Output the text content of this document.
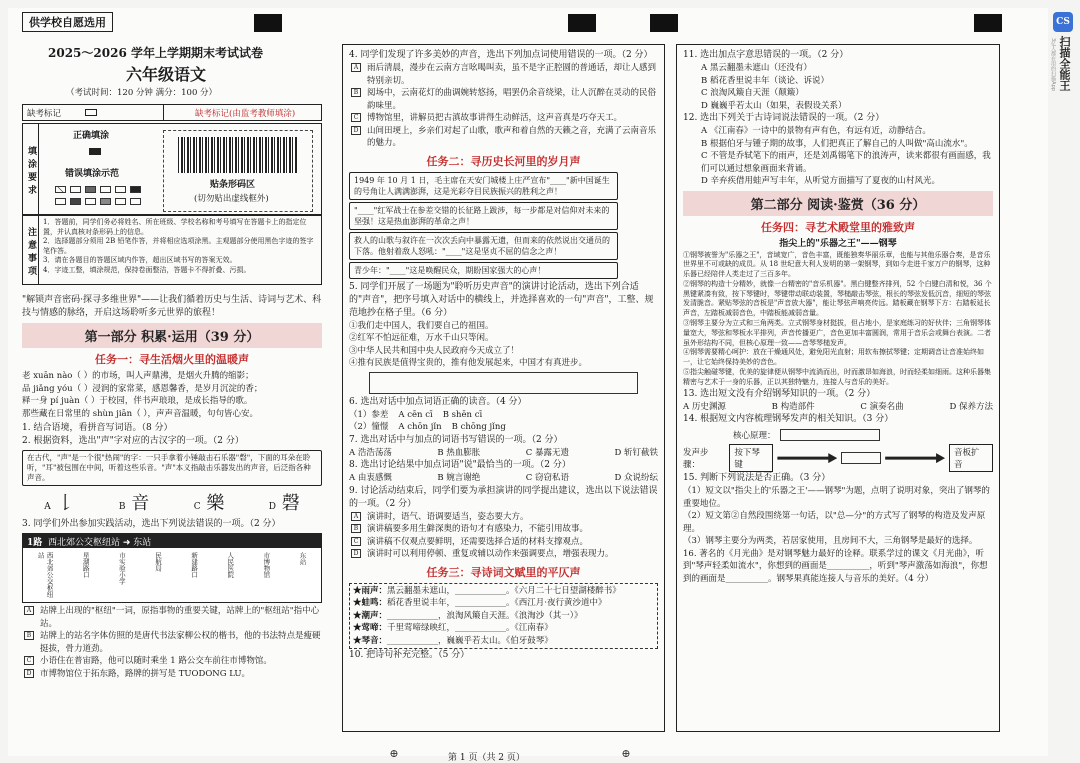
供学校自愿选用
2025～2026 学年上学期期末考试试卷
六年级语文
（考试时间：120 分钟 满分：100 分）
缺考标记	缺考标记(由监考教师填涂)
填涂要求
正确填涂
错误填涂示范
贴条形码区
(切勿贴出虚线框外)
注意事项
1．答题前，同学们务必将姓名、所在班级、学校名称和考号填写在答题卡上的指定位置，并认真核对条形码上的信息。
2．选择题部分须用 2B 铅笔作答，并将相应选项涂黑。主观题部分使用黑色字迹的签字笔作答。
3．请在各题目的答题区域内作答，超出区域书写的答案无效。
4．字迹工整，填涂规范，保持卷面整洁，答题卡不得折叠、污损。
"解锁声音密码·探寻多维世界"——让我们循着历史与生活、诗词与艺术、科技与情感的脉络，开启这场聆听多元世界的旅程！
第一部分 积累·运用（39 分）
任务一：寻生活烟火里的温暖声
老 xuān nào（ ）的市场，叫人声鼎沸，是烟火升腾的缩影；
品 jiǎng yóu（ ）浸润的家常菜，感恩馨香，是岁月沉淀的香；
释一身 pí juàn（ ）于校园，伴书声琅琅，是成长指导的歌。
那些藏在日常里的 shùn jiān（ ），声声音温暖，句句皆心安。
1. 结合语境，看拼音写词语。（8 分）
2. 根据资料，选出"声"字对应的古汉字的一项。（2 分）
在古代，"声"是一个很"热闹"的字：一只手拿着小锤敲击石乐器"磬"，下面的耳朵在聆听，"耳"被包围在中间，听着这些乐音。"声"本义指敲击乐器发出的声音，后泛指各种声音。
A 𠄌	B 音	C 樂	D 磬
3. 同学们外出参加实践活动，选出下列说法错误的一项。（2 分）
1路 西北郊公交枢纽站 ➜ 东站
西北郊公交枢纽站	星湖路口	市实验小学	民航局	新建路口	人民医院	市博物馆	东站
A	站牌上出现的"枢纽"一词，原指事物的重要关键，站牌上的"枢纽站"指中心站。
B	站牌上的站名字体仿照的是唐代书法家柳公权的楷书，他的书法特点是瘦硬挺拔，骨力道劲。
C	小语住在普宙路，他可以随时乘坐 1 路公交车前往市博物馆。
D	市博物馆位于拓东路，路牌的拼写是 TUODONG LU。
4. 同学们发现了许多美妙的声音，选出下列加点词使用错误的一项。（2 分）
A	雨后清晨，漫步在云南方言吆喝叫卖，虽不是字正腔圆的普通话，却让人感到特别亲切。
B	阅场中，云南花灯的曲调婉转悠扬，唱罢仍余音绕梁，让人沉醉在灵动的民俗韵味里。
C	博物馆里，讲解员把古滇故事讲得生动鲜活，这声音真是巧夺天工。
D	山间田埂上，乡亲们对起了山歌，歌声和着自然的天籁之音，充满了云南音乐的魅力。
任务二：寻历史长河里的岁月声
1949 年 10 月 1 日，毛主席在天安门城楼上庄严宣布"____"新中国诞生的号角让人满满澎湃，这是光彩夺目民族振兴的胜利之声！
"____"红军战士在参差交错的长征路上跋涉，每一步都是对信仰对未来的坚强！这是热血澎湃的革命之声！
救人的山歌与叙许在一次次丢向中暴露无遗，但而来的依然说出交通员的下落。他射着敌人怒吼："____"这是坚贞不屈的信念之声！
青少年："____"这是唤醒民众，期盼国家强大的心声！
5. 同学们开展了一场题为"聆听历史声音"的演讲讨论活动，选出下列合适的"声音"，把序号填入对话中的横线上，并选择喜欢的一句"声音"，工整、规范地抄在格子里。（6 分）
①我们走中国人，我们要自己的祖国。
②红军不怕远征难，万水千山只等闲。
③中华人民共和国中央人民政府今天成立了！
④推有民族是值得宝贵的，推有他发展起来，中国才有真进步。
6. 选出对话中加点词语正确的读音。（4 分）
（1）参差 A cēn cī B shēn cī
（2）憧憬 A chōn jǐn B chōng jǐng
7. 选出对话中与加点的词语书写错误的一项。（2 分）
A 浩浩荡荡	B 热血膨胀	C 暴露无遗	D 斩钉截铁
8. 选出讨论结果中加点词语"说"最恰当的一项。（2 分）
A 由衷感慨	B 婉言谢绝	C 窃窃私语	D 众说纷纭
9. 讨论活动结束后，同学们要为承担演讲的同学提出建议，选出以下说法错误的一项。（2 分）
A	演讲时，语气、语调要适当，姿态要大方。
B	演讲稿要多用生僻深奥的语句才有感染力，不能引用故事。
C	演讲稿不仅观点要鲜明，还需要选择合适的材料支撑观点。
D	演讲时可以利用停顿、重复或辅以动作来强调要点，增强表现力。
任务三：寻诗词文赋里的平仄声
★雨声：黑云翻墨未遮山，____________。《六月二十七日望湖楼醉书》
★蛙鸣：稻花香里说丰年，____________。《西江月·夜行黄沙道中》
★潮声：____________，浪淘风簸自天涯。《浪淘沙（其一）》
★莺啼：千里莺啼绿映红，____________。《江南春》
★琴音：____________，巍巍乎若太山。《伯牙鼓琴》
10. 把诗句补充完整。（5 分）
11. 选出加点字意思错误的一项。（2 分）
A 黑云翻墨未遮山（还没有）
B 稻花香里说丰年（谈论、诉说）
C 浪淘风簸自天涯（颠簸）
D 巍巍乎若太山（如果，表假设关系）
12. 选出下列关于古诗词说法错误的一项。（2 分）
A 《江南春》一诗中的景物有声有色，有远有近，动静结合。
B 根据伯牙与锺子期的故事，人们把真正了解自己的人叫做"高山流水"。
C 不管是乔轼笔下的雨声，还是刘禹锡笔下的浪涛声，读来都很有画面感，我们可以通过想象画面来背诵。
D 辛弃疾借用蛙声写丰年，从听觉方面描写了夏夜的山村风光。
第二部分 阅读·鉴赏（36 分）
任务四：寻艺术殿堂里的雅致声
指尖上的"乐器之王"——钢琴

①钢琴被誉为"乐器之王"，音域宽广，音色丰富，既能独奏华丽乐章，也能与其他乐器合奏，是音乐世界里不可或缺的成员。从 18 世纪意大利人发明的第一架钢琴，到如今走进千家万户的钢琴，这种乐器已经陪伴人类走过了三百多年。

②钢琴的构造十分精妙，就像一台精密的"音乐机器"。黑白键整齐排列，52 个白键白清和悦，36 个黑键紧凑有致，按下琴键时，琴键带动联动装置，琴槌敲击琴弦，根长的琴弦发低沉音，细短的琴弦发清脆音。紧贴琴弦的音板是"声音放大器"，能让琴弦声响亮传远。踏板藏在钢琴下方：右踏板延长声音，左踏板减弱音色，中踏板能减弱音量。

③钢琴主要分为立式和三角两类。立式钢琴身材挺拔，但占地小，是家庭练习的好伙伴；三角钢琴体量宽大，琴弦和琴板水平排列，声音传播更广，音色更加丰富圆润，常用于音乐会或舞台表演。二者虽外形结构不同，但核心原理一致——音琴琴槌发声。

④钢琴需要精心呵护：放在干燥通风处，避免阳光直射；用软布擦拭琴键；定期调音让音准始终如一，让它始终保持美妙的音色。

⑤指尖触碰琴键，优美的旋律便从钢琴中流淌而出，时而激昂如海浪，时而轻柔如细雨。这种乐器集精密与艺术于一身的乐器，正以其独特魅力，连接人与音乐的美好。

13. 选出短文没有介绍钢琴知识的一项。（2 分）
A 历史渊源	B 构造部件	C 演奏名曲	D 保养方法
14. 根据短文内容梳理钢琴发声的相关知识。（3 分）
核心原理：
发声步骤：
按下琴键
音板扩音
15. 判断下列说法是否正确。（3 分）
（1）短文以"指尖上的'乐器之王'——钢琴"为题，点明了说明对象，突出了钢琴的重要地位。
（2）短文第②自然段围绕第一句话，以"总—分"的方式写了钢琴的构造及发声原理。
（3）钢琴主要分为两类，若居家使用，且房间不大，三角钢琴是最好的选择。
16. 著名的《月光曲》是对钢琴魅力最好的诠释。联系学过的课文《月光曲》，听到"琴声轻柔如流水"，你想到的画面是__________，听到"琴声激荡如海浪"，你想到的画面是__________。钢琴果真能连接人与音乐的美好。（4 分）
第 1 页（共 2 页）
⊕	⊕
CS
扫描全能王
3亿人都在用的扫描App
